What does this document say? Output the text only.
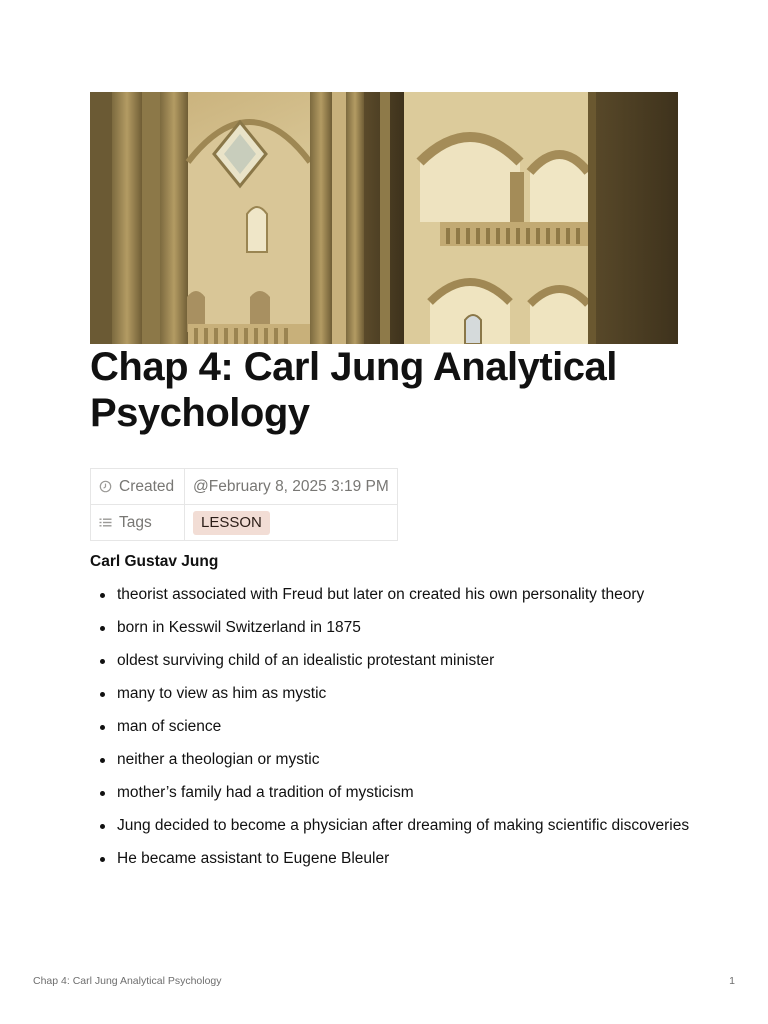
Chap 4: Carl Jung Analytical Psychology
Created	@February 8, 2025 3:19 PM
Tags	LESSON
Carl Gustav Jung
theorist associated with Freud but later on created his own personality theory
born in Kesswil Switzerland in 1875
oldest surviving child of an idealistic protestant minister
many to view as him as mystic
man of science
neither a theologian or mystic
mother’s family had a tradition of mysticism
Jung decided to become a physician after dreaming of making scientific discoveries
He became assistant to Eugene Bleuler
Chap 4: Carl Jung Analytical Psychology	1
